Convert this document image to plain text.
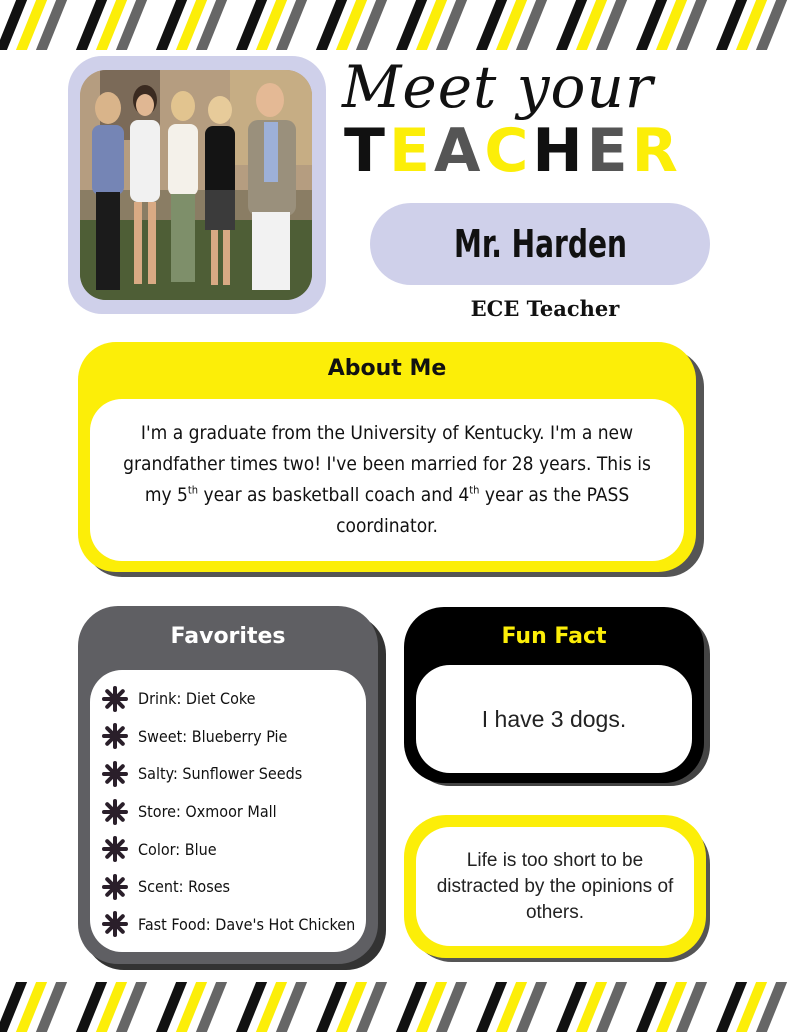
Meet your
TEACHER
Mr. Harden
ECE Teacher
About Me
I'm a graduate from the University of Kentucky. I'm a new grandfather times two! I've been married for 28 years. This is my 5th year as basketball coach and 4th year as the PASS coordinator.
Favorites
Drink: Diet Coke
Sweet: Blueberry Pie
Salty: Sunflower Seeds
Store: Oxmoor Mall
Color: Blue
Scent: Roses
Fast Food: Dave's Hot Chicken
Fun Fact
I have 3 dogs.
Life is too short to be distracted by the opinions of others.
